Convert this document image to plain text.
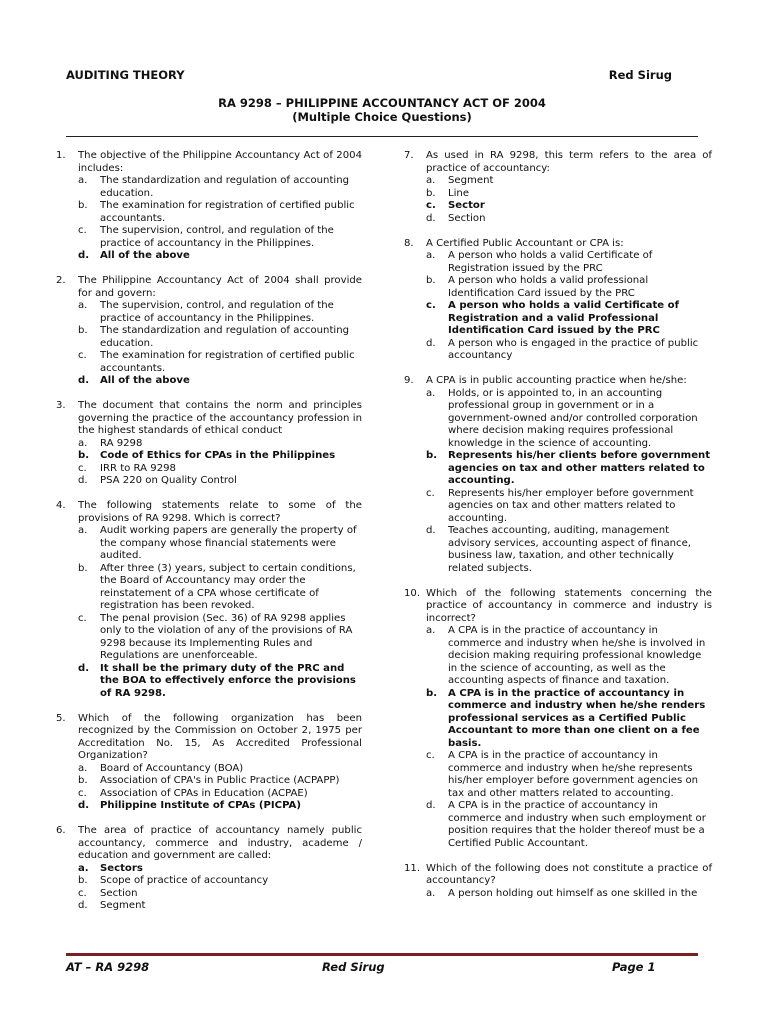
AUDITING THEORY	Red Sirug
RA 9298 – PHILIPPINE ACCOUNTANCY ACT OF 2004
(Multiple Choice Questions)
1.	The objective of the Philippine Accountancy Act of 2004 includes:
a.	The standardization and regulation of accounting education.
b.	The examination for registration of certified public accountants.
c.	The supervision, control, and regulation of the practice of accountancy in the Philippines.
d.	All of the above
2.	The Philippine Accountancy Act of 2004 shall provide for and govern:
a.	The supervision, control, and regulation of the practice of accountancy in the Philippines.
b.	The standardization and regulation of accounting education.
c.	The examination for registration of certified public accountants.
d.	All of the above
3.	The document that contains the norm and principles governing the practice of the accountancy profession in the highest standards of ethical conduct
a.	RA 9298
b.	Code of Ethics for CPAs in the Philippines
c.	IRR to RA 9298
d.	PSA 220 on Quality Control
4.	The following statements relate to some of the provisions of RA 9298. Which is correct?
a.	Audit working papers are generally the property of the company whose financial statements were audited.
b.	After three (3) years, subject to certain conditions, the Board of Accountancy may order the reinstatement of a CPA whose certificate of registration has been revoked.
c.	The penal provision (Sec. 36) of RA 9298 applies only to the violation of any of the provisions of RA 9298 because its Implementing Rules and Regulations are unenforceable.
d.	It shall be the primary duty of the PRC and the BOA to effectively enforce the provisions of RA 9298.
5.	Which of the following organization has been recognized by the Commission on October 2, 1975 per Accreditation No. 15, As Accredited Professional Organization?
a.	Board of Accountancy (BOA)
b.	Association of CPA's in Public Practice (ACPAPP)
c.	Association of CPAs in Education (ACPAE)
d.	Philippine Institute of CPAs (PICPA)
6.	The area of practice of accountancy namely public accountancy, commerce and industry, academe / education and government are called:
a.	Sectors
b.	Scope of practice of accountancy
c.	Section
d.	Segment
7.	As used in RA 9298, this term refers to the area of practice of accountancy:
a.	Segment
b.	Line
c.	Sector
d.	Section
8.	A Certified Public Accountant or CPA is:
a.	A person who holds a valid Certificate of Registration issued by the PRC
b.	A person who holds a valid professional Identification Card issued by the PRC
c.	A person who holds a valid Certificate of Registration and a valid Professional Identification Card issued by the PRC
d.	A person who is engaged in the practice of public accountancy
9.	A CPA is in public accounting practice when he/she:
a.	Holds, or is appointed to, in an accounting professional group in government or in a government-owned and/or controlled corporation where decision making requires professional knowledge in the science of accounting.
b.	Represents his/her clients before government agencies on tax and other matters related to accounting.
c.	Represents his/her employer before government agencies on tax and other matters related to accounting.
d.	Teaches accounting, auditing, management advisory services, accounting aspect of finance, business law, taxation, and other technically related subjects.
10. Which of the following statements concerning the practice of accountancy in commerce and industry is incorrect?
a.	A CPA is in the practice of accountancy in commerce and industry when he/she is involved in decision making requiring professional knowledge in the science of accounting, as well as the accounting aspects of finance and taxation.
b.	A CPA is in the practice of accountancy in commerce and industry when he/she renders professional services as a Certified Public Accountant to more than one client on a fee basis.
c.	A CPA is in the practice of accountancy in commerce and industry when he/she represents his/her employer before government agencies on tax and other matters related to accounting.
d.	A CPA is in the practice of accountancy in commerce and industry when such employment or position requires that the holder thereof must be a Certified Public Accountant.
11. Which of the following does not constitute a practice of accountancy?
a.	A person holding out himself as one skilled in the
AT – RA 9298	Red Sirug	Page 1
